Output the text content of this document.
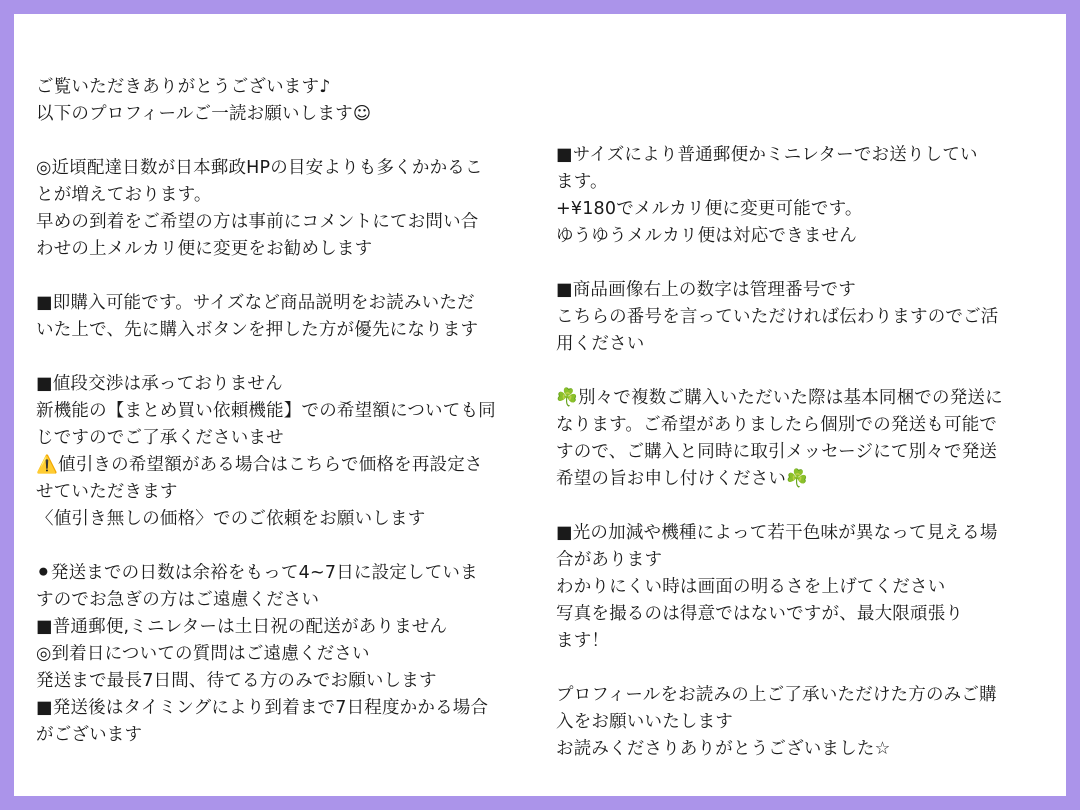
ご覧いただきありがとうございます♪
以下のプロフィールご一読お願いします☺
◎近頃配達日数が日本郵政HPの目安よりも多くかかるこ
とが増えております。
早めの到着をご希望の方は事前にコメントにてお問い合
わせの上メルカリ便に変更をお勧めします
■即購入可能です。サイズなど商品説明をお読みいただ
いた上で、先に購入ボタンを押した方が優先になります
■値段交渉は承っておりません
新機能の【まとめ買い依頼機能】での希望額についても同
じですのでご了承くださいませ
⚠️値引きの希望額がある場合はこちらで価格を再設定さ
せていただきます
〈値引き無しの価格〉でのご依頼をお願いします
⚫発送までの日数は余裕をもって4~7日に設定していま
すのでお急ぎの方はご遠慮ください
■普通郵便,ミニレターは土日祝の配送がありません
◎到着日についての質問はご遠慮ください
発送まで最長7日間、待てる方のみでお願いします
■発送後はタイミングにより到着まで7日程度かかる場合
がございます
■サイズにより普通郵便かミニレターでお送りしてい
ます。
+¥180でメルカリ便に変更可能です。
ゆうゆうメルカリ便は対応できません
■商品画像右上の数字は管理番号です
こちらの番号を言っていただければ伝わりますのでご活
用ください
☘️別々で複数ご購入いただいた際は基本同梱での発送に
なります。ご希望がありましたら個別での発送も可能で
すので、ご購入と同時に取引メッセージにて別々で発送
希望の旨お申し付けください☘️
■光の加減や機種によって若干色味が異なって見える場
合があります
わかりにくい時は画面の明るさを上げてください
写真を撮るのは得意ではないですが、最大限頑張り
ます！
プロフィールをお読みの上ご了承いただけた方のみご購
入をお願いいたします
お読みくださりありがとうございました☆
